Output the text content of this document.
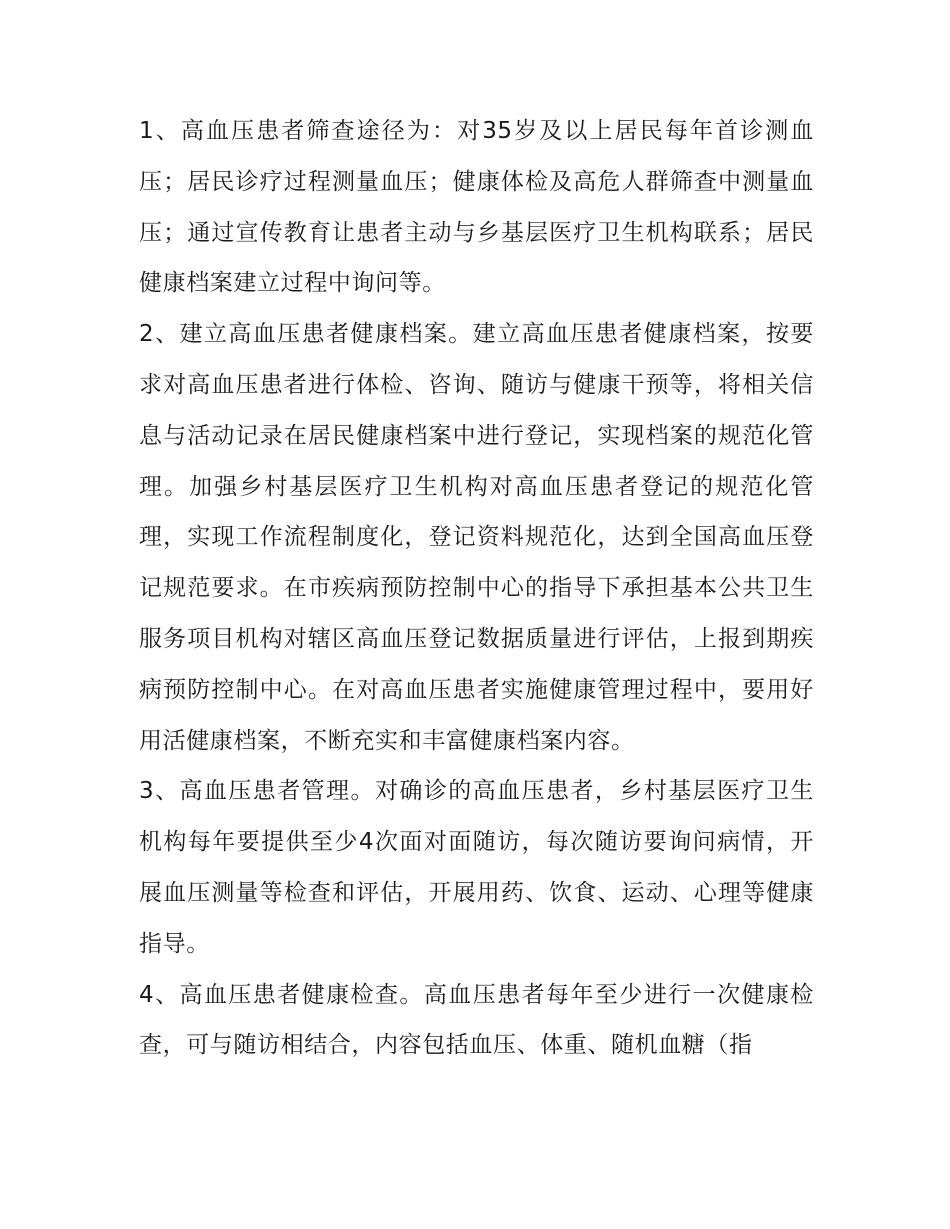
1、高血压患者筛查途径为：对35岁及以上居民每年首诊测血压；居民诊疗过程测量血压；健康体检及高危人群筛查中测量血压；通过宣传教育让患者主动与乡基层医疗卫生机构联系；居民健康档案建立过程中询问等。

2、建立高血压患者健康档案。建立高血压患者健康档案，按要求对高血压患者进行体检、咨询、随访与健康干预等，将相关信息与活动记录在居民健康档案中进行登记，实现档案的规范化管理。加强乡村基层医疗卫生机构对高血压患者登记的规范化管理，实现工作流程制度化，登记资料规范化，达到全国高血压登记规范要求。在市疾病预防控制中心的指导下承担基本公共卫生服务项目机构对辖区高血压登记数据质量进行评估，上报到期疾病预防控制中心。在对高血压患者实施健康管理过程中，要用好用活健康档案，不断充实和丰富健康档案内容。

3、高血压患者管理。对确诊的高血压患者，乡村基层医疗卫生机构每年要提供至少4次面对面随访，每次随访要询问病情，开展血压测量等检查和评估，开展用药、饮食、运动、心理等健康指导。

4、高血压患者健康检查。高血压患者每年至少进行一次健康检查，可与随访相结合，内容包括血压、体重、随机血糖（指
